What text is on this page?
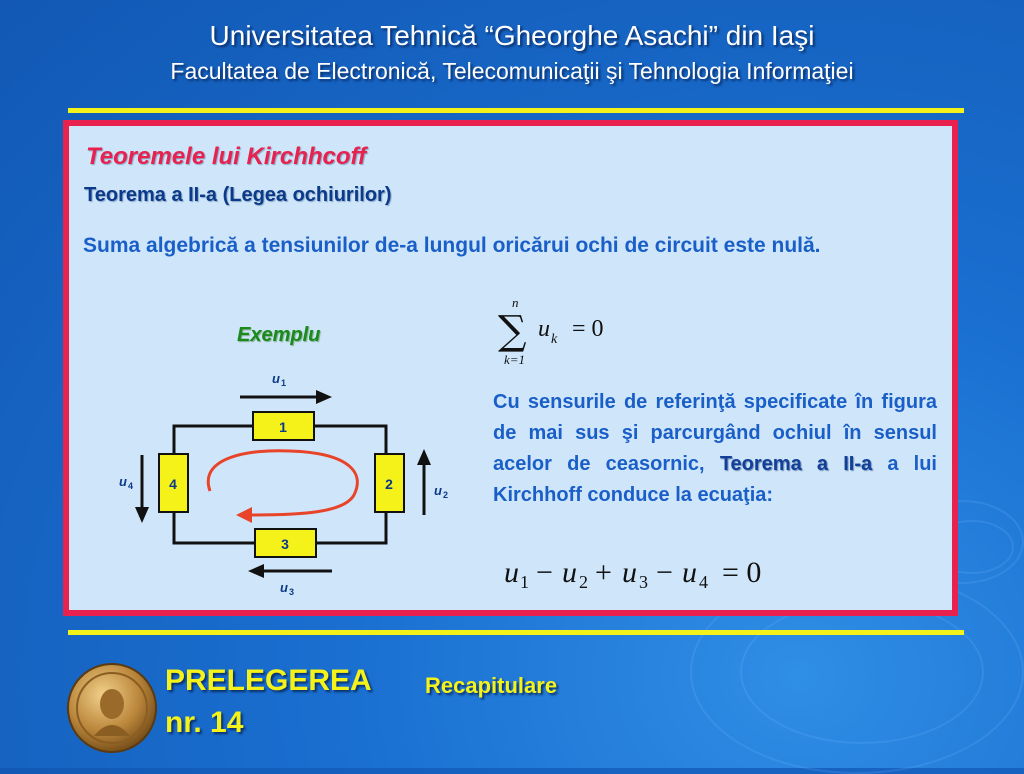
Universitatea Tehnică “Gheorghe Asachi” din Iaşi
Facultatea de Electronică, Telecomunicaţii şi Tehnologia Informaţiei
Teoremele lui Kirchhcoff
Teorema a II-a (Legea ochiurilor)
Suma algebrică a tensiunilor de-a lungul oricărui ochi de circuit este nulă.
Exemplu
n
∑
k=1
u k = 0
1
3
4	2
u 1
u 3
u 4	u 2
Cu sensurile de referinţă specificate în figura de mai sus şi parcurgând ochiul în sensul acelor de ceasornic, Teorema a II-a a lui Kirchhoff conduce la ecuaţia:
u 1 − u 2 + u 3 − u 4 = 0
PRELEGEREA Recapitulare
nr. 14
